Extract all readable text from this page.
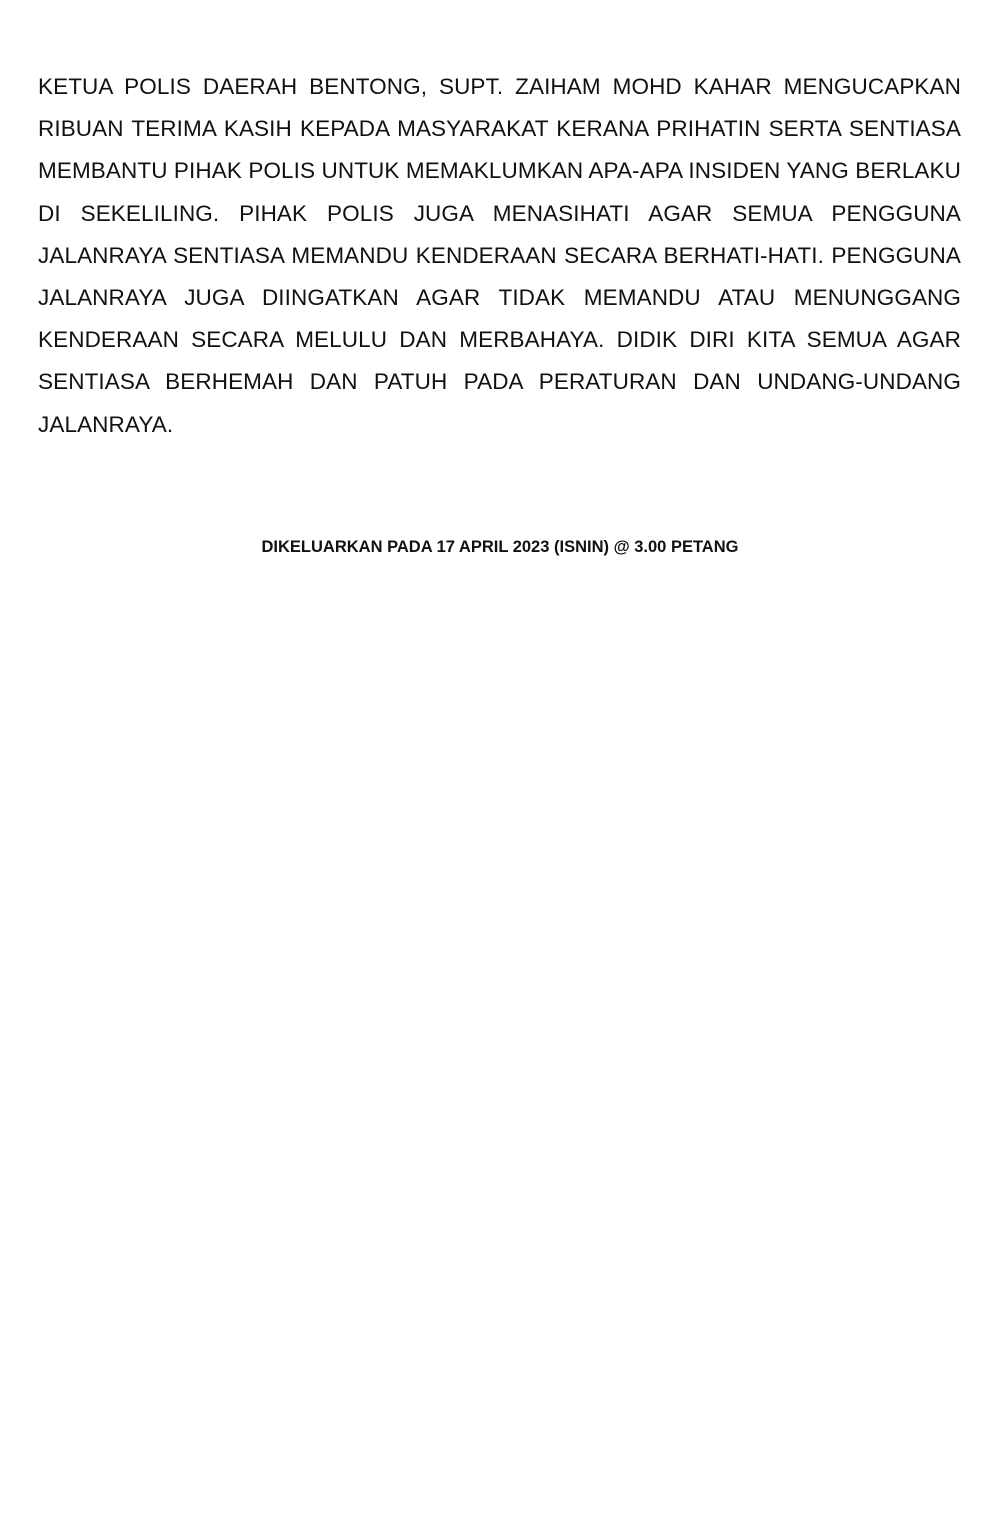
KETUA POLIS DAERAH BENTONG, SUPT. ZAIHAM MOHD KAHAR MENGUCAPKAN RIBUAN TERIMA KASIH KEPADA MASYARAKAT KERANA PRIHATIN SERTA SENTIASA MEMBANTU PIHAK POLIS UNTUK MEMAKLUMKAN APA-APA INSIDEN YANG BERLAKU DI SEKELILING. PIHAK POLIS JUGA MENASIHATI AGAR SEMUA PENGGUNA JALANRAYA SENTIASA MEMANDU KENDERAAN SECARA BERHATI-HATI. PENGGUNA JALANRAYA JUGA DIINGATKAN AGAR TIDAK MEMANDU ATAU MENUNGGANG KENDERAAN SECARA MELULU DAN MERBAHAYA. DIDIK DIRI KITA SEMUA AGAR SENTIASA BERHEMAH DAN PATUH PADA PERATURAN DAN UNDANG-UNDANG JALANRAYA.

DIKELUARKAN PADA 17 APRIL 2023 (ISNIN) @ 3.00 PETANG
